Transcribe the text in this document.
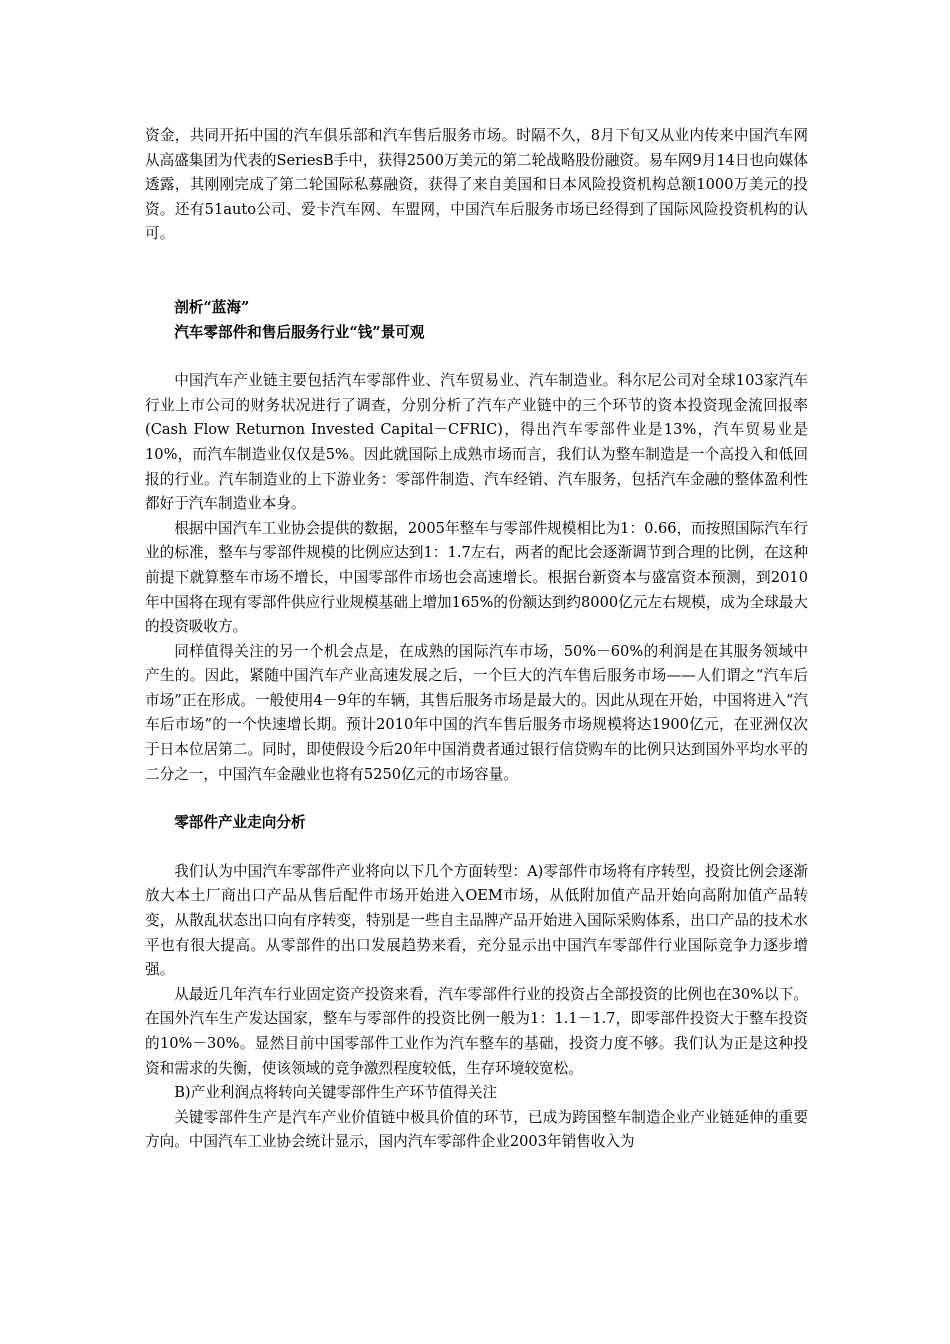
资金，共同开拓中国的汽车俱乐部和汽车售后服务市场。时隔不久，8月下旬又从业内传来中国汽车网从高盛集团为代表的SeriesB手中，获得2500万美元的第二轮战略股份融资。易车网9月14日也向媒体透露，其刚刚完成了第二轮国际私募融资，获得了来自美国和日本风险投资机构总额1000万美元的投资。还有51auto公司、爱卡汽车网、车盟网，中国汽车后服务市场已经得到了国际风险投资机构的认可。

剖析“蓝海”

汽车零部件和售后服务行业“钱”景可观

中国汽车产业链主要包括汽车零部件业、汽车贸易业、汽车制造业。科尔尼公司对全球103家汽车行业上市公司的财务状况进行了调查，分别分析了汽车产业链中的三个环节的资本投资现金流回报率(Cash Flow Returnon Invested Capital－CFRIC)，得出汽车零部件业是13%，汽车贸易业是10%，而汽车制造业仅仅是5%。因此就国际上成熟市场而言，我们认为整车制造是一个高投入和低回报的行业。汽车制造业的上下游业务：零部件制造、汽车经销、汽车服务，包括汽车金融的整体盈利性都好于汽车制造业本身。

根据中国汽车工业协会提供的数据，2005年整车与零部件规模相比为1：0.66，而按照国际汽车行业的标准，整车与零部件规模的比例应达到1：1.7左右，两者的配比会逐渐调节到合理的比例，在这种前提下就算整车市场不增长，中国零部件市场也会高速增长。根据台新资本与盛富资本预测，到2010年中国将在现有零部件供应行业规模基础上增加165%的份额达到约8000亿元左右规模，成为全球最大的投资吸收方。

同样值得关注的另一个机会点是，在成熟的国际汽车市场，50%－60%的利润是在其服务领域中产生的。因此，紧随中国汽车产业高速发展之后，一个巨大的汽车售后服务市场——人们谓之“汽车后市场”正在形成。一般使用4－9年的车辆，其售后服务市场是最大的。因此从现在开始，中国将进入“汽车后市场”的一个快速增长期。预计2010年中国的汽车售后服务市场规模将达1900亿元，在亚洲仅次于日本位居第二。同时，即使假设今后20年中国消费者通过银行信贷购车的比例只达到国外平均水平的二分之一，中国汽车金融业也将有5250亿元的市场容量。

零部件产业走向分析

我们认为中国汽车零部件产业将向以下几个方面转型：A)零部件市场将有序转型，投资比例会逐渐放大本土厂商出口产品从售后配件市场开始进入OEM市场，从低附加值产品开始向高附加值产品转变，从散乱状态出口向有序转变，特别是一些自主品牌产品开始进入国际采购体系，出口产品的技术水平也有很大提高。从零部件的出口发展趋势来看，充分显示出中国汽车零部件行业国际竞争力逐步增强。

从最近几年汽车行业固定资产投资来看，汽车零部件行业的投资占全部投资的比例也在30%以下。在国外汽车生产发达国家，整车与零部件的投资比例一般为1：1.1－1.7，即零部件投资大于整车投资的10%－30%。显然目前中国零部件工业作为汽车整车的基础，投资力度不够。我们认为正是这种投资和需求的失衡，使该领域的竞争激烈程度较低，生存环境较宽松。

B)产业利润点将转向关键零部件生产环节值得关注

关键零部件生产是汽车产业价值链中极具价值的环节，已成为跨国整车制造企业产业链延伸的重要方向。中国汽车工业协会统计显示，国内汽车零部件企业2003年销售收入为
